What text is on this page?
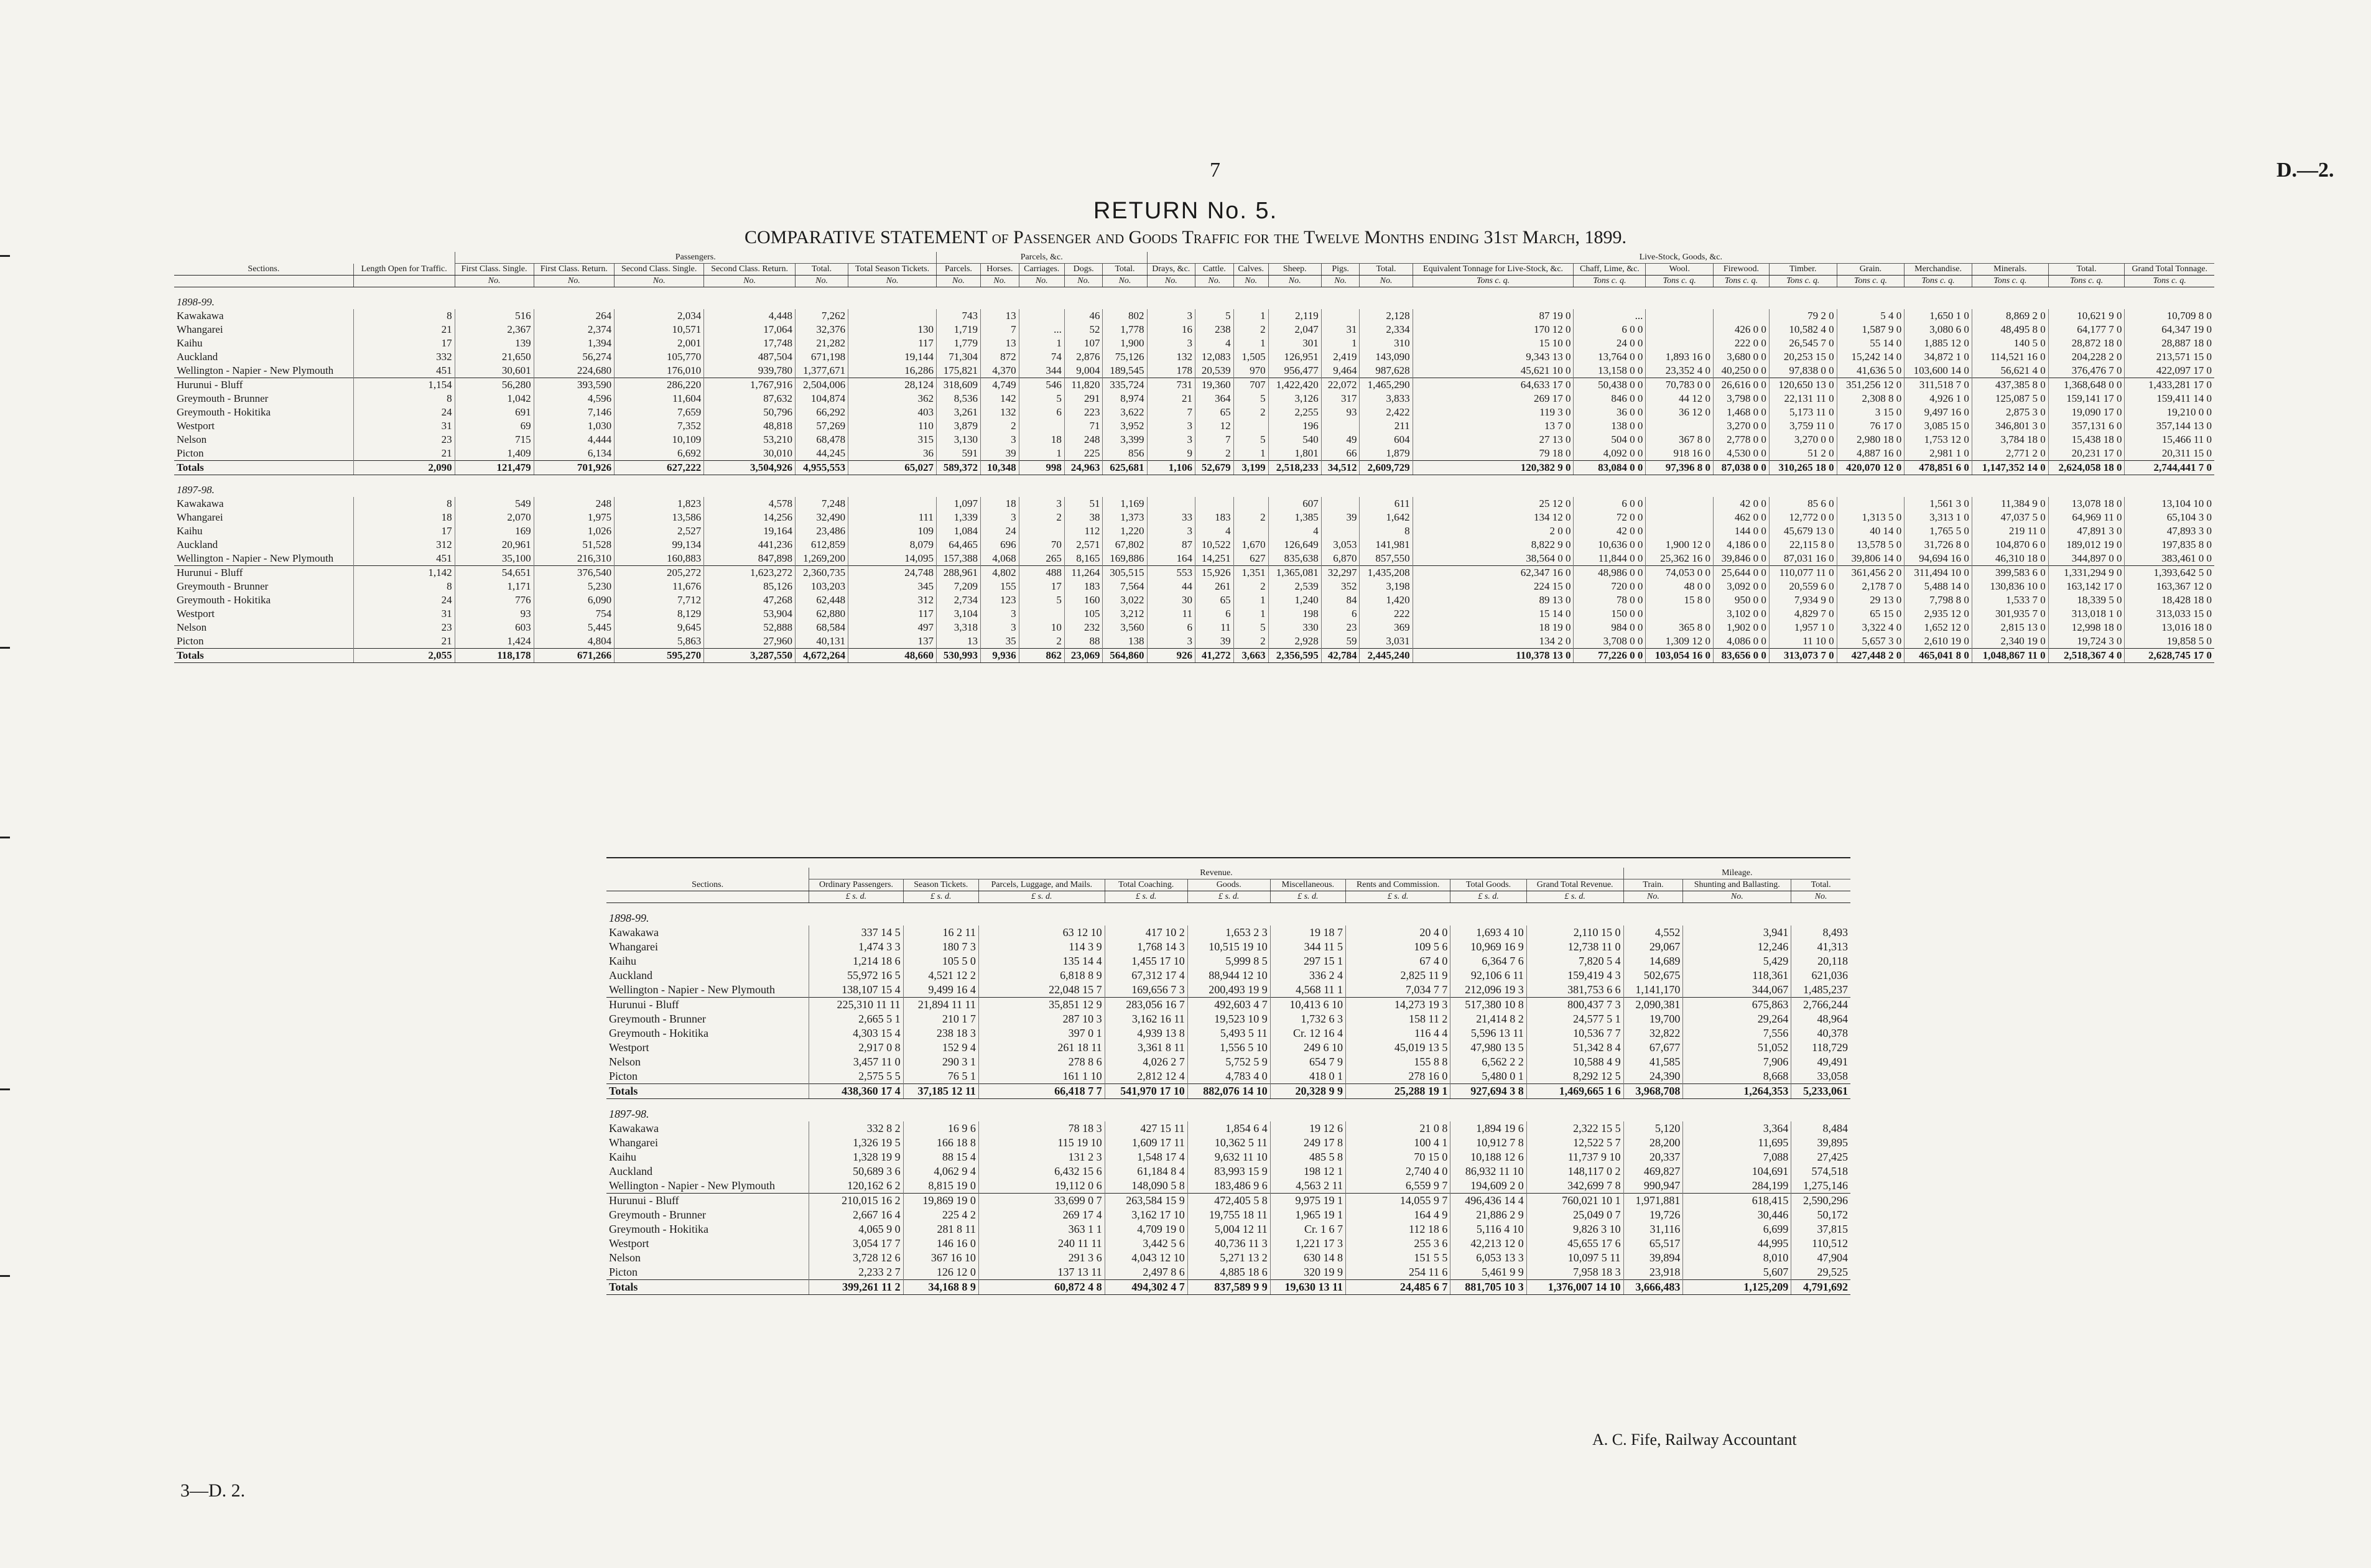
7	D.—2.
RETURN No. 5.
COMPARATIVE STATEMENT of Passenger and Goods Traffic for the Twelve Months ending 31st March, 1899.
		Passengers.						Parcels, &c.					Live-Stock, Goods, &c.															
Sections.	Length Open for Traffic.	First Class. Single.	First Class. Return.	Second Class. Single.	Second Class. Return.	Total.	Total Season Tickets.	Parcels.	Horses.	Carriages.	Dogs.	Total.	Drays, &c.	Cattle.	Calves.	Sheep.	Pigs.	Total.	Equivalent Tonnage for Live-Stock, &c.	Chaff, Lime, &c.	Wool.	Firewood.	Timber.	Grain.	Merchandise.	Minerals.	Total.	Grand Total Tonnage.
		No.	No.	No.	No.	No.	No.	No.	No.	No.	No.	No.	No.	No.	No.	No.	No.	No.	Tons c. q.	Tons c. q.	Tons c. q.	Tons c. q.	Tons c. q.	Tons c. q.	Tons c. q.	Tons c. q.	Tons c. q.	Tons c. q.
1898-99.																												
Kawakawa	8	516	264	2,034	4,448	7,262		743	13		46	802	3	5	1	2,119		2,128	87 19 0	...			79 2 0	5 4 0	1,650 1 0	8,869 2 0	10,621 9 0	10,709 8 0
Whangarei	21	2,367	2,374	10,571	17,064	32,376	130	1,719	7	...	52	1,778	16	238	2	2,047	31	2,334	170 12 0	6 0 0		426 0 0	10,582 4 0	1,587 9 0	3,080 6 0	48,495 8 0	64,177 7 0	64,347 19 0
Kaihu	17	139	1,394	2,001	17,748	21,282	117	1,779	13	1	107	1,900	3	4	1	301	1	310	15 10 0	24 0 0		222 0 0	26,545 7 0	55 14 0	1,885 12 0	140 5 0	28,872 18 0	28,887 18 0
Auckland	332	21,650	56,274	105,770	487,504	671,198	19,144	71,304	872	74	2,876	75,126	132	12,083	1,505	126,951	2,419	143,090	9,343 13 0	13,764 0 0	1,893 16 0	3,680 0 0	20,253 15 0	15,242 14 0	34,872 1 0	114,521 16 0	204,228 2 0	213,571 15 0
Wellington - Napier - New Plymouth	451	30,601	224,680	176,010	939,780	1,377,671	16,286	175,821	4,370	344	9,004	189,545	178	20,539	970	956,477	9,464	987,628	45,621 10 0	13,158 0 0	23,352 4 0	40,250 0 0	97,838 0 0	41,636 5 0	103,600 14 0	56,621 4 0	376,476 7 0	422,097 17 0
Hurunui - Bluff	1,154	56,280	393,590	286,220	1,767,916	2,504,006	28,124	318,609	4,749	546	11,820	335,724	731	19,360	707	1,422,420	22,072	1,465,290	64,633 17 0	50,438 0 0	70,783 0 0	26,616 0 0	120,650 13 0	351,256 12 0	311,518 7 0	437,385 8 0	1,368,648 0 0	1,433,281 17 0
Greymouth - Brunner	8	1,042	4,596	11,604	87,632	104,874	362	8,536	142	5	291	8,974	21	364	5	3,126	317	3,833	269 17 0	846 0 0	44 12 0	3,798 0 0	22,131 11 0	2,308 8 0	4,926 1 0	125,087 5 0	159,141 17 0	159,411 14 0
Greymouth - Hokitika	24	691	7,146	7,659	50,796	66,292	403	3,261	132	6	223	3,622	7	65	2	2,255	93	2,422	119 3 0	36 0 0	36 12 0	1,468 0 0	5,173 11 0	3 15 0	9,497 16 0	2,875 3 0	19,090 17 0	19,210 0 0
Westport	31	69	1,030	7,352	48,818	57,269	110	3,879	2		71	3,952	3	12		196		211	13 7 0	138 0 0		3,270 0 0	3,759 11 0	76 17 0	3,085 15 0	346,801 3 0	357,131 6 0	357,144 13 0
Nelson	23	715	4,444	10,109	53,210	68,478	315	3,130	3	18	248	3,399	3	7	5	540	49	604	27 13 0	504 0 0	367 8 0	2,778 0 0	3,270 0 0	2,980 18 0	1,753 12 0	3,784 18 0	15,438 18 0	15,466 11 0
Picton	21	1,409	6,134	6,692	30,010	44,245	36	591	39	1	225	856	9	2	1	1,801	66	1,879	79 18 0	4,092 0 0	918 16 0	4,530 0 0	51 2 0	4,887 16 0	2,981 1 0	2,771 2 0	20,231 17 0	20,311 15 0
Totals	2,090	121,479	701,926	627,222	3,504,926	4,955,553	65,027	589,372	10,348	998	24,963	625,681	1,106	52,679	3,199	2,518,233	34,512	2,609,729	120,382 9 0	83,084 0 0	97,396 8 0	87,038 0 0	310,265 18 0	420,070 12 0	478,851 6 0	1,147,352 14 0	2,624,058 18 0	2,744,441 7 0
1897-98.																												
Kawakawa	8	549	248	1,823	4,578	7,248		1,097	18	3	51	1,169				607		611	25 12 0	6 0 0		42 0 0	85 6 0		1,561 3 0	11,384 9 0	13,078 18 0	13,104 10 0
Whangarei	18	2,070	1,975	13,586	14,256	32,490	111	1,339	3	2	38	1,373	33	183	2	1,385	39	1,642	134 12 0	72 0 0		462 0 0	12,772 0 0	1,313 5 0	3,313 1 0	47,037 5 0	64,969 11 0	65,104 3 0
Kaihu	17	169	1,026	2,527	19,164	23,486	109	1,084	24		112	1,220	3	4		4		8	2 0 0	42 0 0		144 0 0	45,679 13 0	40 14 0	1,765 5 0	219 11 0	47,891 3 0	47,893 3 0
Auckland	312	20,961	51,528	99,134	441,236	612,859	8,079	64,465	696	70	2,571	67,802	87	10,522	1,670	126,649	3,053	141,981	8,822 9 0	10,636 0 0	1,900 12 0	4,186 0 0	22,115 8 0	13,578 5 0	31,726 8 0	104,870 6 0	189,012 19 0	197,835 8 0
Wellington - Napier - New Plymouth	451	35,100	216,310	160,883	847,898	1,269,200	14,095	157,388	4,068	265	8,165	169,886	164	14,251	627	835,638	6,870	857,550	38,564 0 0	11,844 0 0	25,362 16 0	39,846 0 0	87,031 16 0	39,806 14 0	94,694 16 0	46,310 18 0	344,897 0 0	383,461 0 0
Hurunui - Bluff	1,142	54,651	376,540	205,272	1,623,272	2,360,735	24,748	288,961	4,802	488	11,264	305,515	553	15,926	1,351	1,365,081	32,297	1,435,208	62,347 16 0	48,986 0 0	74,053 0 0	25,644 0 0	110,077 11 0	361,456 2 0	311,494 10 0	399,583 6 0	1,331,294 9 0	1,393,642 5 0
Greymouth - Brunner	8	1,171	5,230	11,676	85,126	103,203	345	7,209	155	17	183	7,564	44	261	2	2,539	352	3,198	224 15 0	720 0 0	48 0 0	3,092 0 0	20,559 6 0	2,178 7 0	5,488 14 0	130,836 10 0	163,142 17 0	163,367 12 0
Greymouth - Hokitika	24	776	6,090	7,712	47,268	62,448	312	2,734	123	5	160	3,022	30	65	1	1,240	84	1,420	89 13 0	78 0 0	15 8 0	950 0 0	7,934 9 0	29 13 0	7,798 8 0	1,533 7 0	18,339 5 0	18,428 18 0
Westport	31	93	754	8,129	53,904	62,880	117	3,104	3		105	3,212	11	6	1	198	6	222	15 14 0	150 0 0		3,102 0 0	4,829 7 0	65 15 0	2,935 12 0	301,935 7 0	313,018 1 0	313,033 15 0
Nelson	23	603	5,445	9,645	52,888	68,584	497	3,318	3	10	232	3,560	6	11	5	330	23	369	18 19 0	984 0 0	365 8 0	1,902 0 0	1,957 1 0	3,322 4 0	1,652 12 0	2,815 13 0	12,998 18 0	13,016 18 0
Picton	21	1,424	4,804	5,863	27,960	40,131	137	13	35	2	88	138	3	39	2	2,928	59	3,031	134 2 0	3,708 0 0	1,309 12 0	4,086 0 0	11 10 0	5,657 3 0	2,610 19 0	2,340 19 0	19,724 3 0	19,858 5 0
Totals	2,055	118,178	671,266	595,270	3,287,550	4,672,264	48,660	530,993	9,936	862	23,069	564,860	926	41,272	3,663	2,356,595	42,784	2,445,240	110,378 13 0	77,226 0 0	103,054 16 0	83,656 0 0	313,073 7 0	427,448 2 0	465,041 8 0	1,048,867 11 0	2,518,367 4 0	2,628,745 17 0
	Revenue.									Mileage.		
Sections.	Ordinary Passengers.	Season Tickets.	Parcels, Luggage, and Mails.	Total Coaching.	Goods.	Miscellaneous.	Rents and Commission.	Total Goods.	Grand Total Revenue.	Train.	Shunting and Ballasting.	Total.
	£ s. d.	£ s. d.	£ s. d.	£ s. d.	£ s. d.	£ s. d.	£ s. d.	£ s. d.	£ s. d.	No.	No.	No.
1898-99.												
Kawakawa	337 14 5	16 2 11	63 12 10	417 10 2	1,653 2 3	19 18 7	20 4 0	1,693 4 10	2,110 15 0	4,552	3,941	8,493
Whangarei	1,474 3 3	180 7 3	114 3 9	1,768 14 3	10,515 19 10	344 11 5	109 5 6	10,969 16 9	12,738 11 0	29,067	12,246	41,313
Kaihu	1,214 18 6	105 5 0	135 14 4	1,455 17 10	5,999 8 5	297 15 1	67 4 0	6,364 7 6	7,820 5 4	14,689	5,429	20,118
Auckland	55,972 16 5	4,521 12 2	6,818 8 9	67,312 17 4	88,944 12 10	336 2 4	2,825 11 9	92,106 6 11	159,419 4 3	502,675	118,361	621,036
Wellington - Napier - New Plymouth	138,107 15 4	9,499 16 4	22,048 15 7	169,656 7 3	200,493 19 9	4,568 11 1	7,034 7 7	212,096 19 3	381,753 6 6	1,141,170	344,067	1,485,237
Hurunui - Bluff	225,310 11 11	21,894 11 11	35,851 12 9	283,056 16 7	492,603 4 7	10,413 6 10	14,273 19 3	517,380 10 8	800,437 7 3	2,090,381	675,863	2,766,244
Greymouth - Brunner	2,665 5 1	210 1 7	287 10 3	3,162 16 11	19,523 10 9	1,732 6 3	158 11 2	21,414 8 2	24,577 5 1	19,700	29,264	48,964
Greymouth - Hokitika	4,303 15 4	238 18 3	397 0 1	4,939 13 8	5,493 5 11	Cr. 12 16 4	116 4 4	5,596 13 11	10,536 7 7	32,822	7,556	40,378
Westport	2,917 0 8	152 9 4	261 18 11	3,361 8 11	1,556 5 10	249 6 10	45,019 13 5	47,980 13 5	51,342 8 4	67,677	51,052	118,729
Nelson	3,457 11 0	290 3 1	278 8 6	4,026 2 7	5,752 5 9	654 7 9	155 8 8	6,562 2 2	10,588 4 9	41,585	7,906	49,491
Picton	2,575 5 5	76 5 1	161 1 10	2,812 12 4	4,783 4 0	418 0 1	278 16 0	5,480 0 1	8,292 12 5	24,390	8,668	33,058
Totals	438,360 17 4	37,185 12 11	66,418 7 7	541,970 17 10	882,076 14 10	20,328 9 9	25,288 19 1	927,694 3 8	1,469,665 1 6	3,968,708	1,264,353	5,233,061
1897-98.												
Kawakawa	332 8 2	16 9 6	78 18 3	427 15 11	1,854 6 4	19 12 6	21 0 8	1,894 19 6	2,322 15 5	5,120	3,364	8,484
Whangarei	1,326 19 5	166 18 8	115 19 10	1,609 17 11	10,362 5 11	249 17 8	100 4 1	10,912 7 8	12,522 5 7	28,200	11,695	39,895
Kaihu	1,328 19 9	88 15 4	131 2 3	1,548 17 4	9,632 11 10	485 5 8	70 15 0	10,188 12 6	11,737 9 10	20,337	7,088	27,425
Auckland	50,689 3 6	4,062 9 4	6,432 15 6	61,184 8 4	83,993 15 9	198 12 1	2,740 4 0	86,932 11 10	148,117 0 2	469,827	104,691	574,518
Wellington - Napier - New Plymouth	120,162 6 2	8,815 19 0	19,112 0 6	148,090 5 8	183,486 9 6	4,563 2 11	6,559 9 7	194,609 2 0	342,699 7 8	990,947	284,199	1,275,146
Hurunui - Bluff	210,015 16 2	19,869 19 0	33,699 0 7	263,584 15 9	472,405 5 8	9,975 19 1	14,055 9 7	496,436 14 4	760,021 10 1	1,971,881	618,415	2,590,296
Greymouth - Brunner	2,667 16 4	225 4 2	269 17 4	3,162 17 10	19,755 18 11	1,965 19 1	164 4 9	21,886 2 9	25,049 0 7	19,726	30,446	50,172
Greymouth - Hokitika	4,065 9 0	281 8 11	363 1 1	4,709 19 0	5,004 12 11	Cr. 1 6 7	112 18 6	5,116 4 10	9,826 3 10	31,116	6,699	37,815
Westport	3,054 17 7	146 16 0	240 11 11	3,442 5 6	40,736 11 3	1,221 17 3	255 3 6	42,213 12 0	45,655 17 6	65,517	44,995	110,512
Nelson	3,728 12 6	367 16 10	291 3 6	4,043 12 10	5,271 13 2	630 14 8	151 5 5	6,053 13 3	10,097 5 11	39,894	8,010	47,904
Picton	2,233 2 7	126 12 0	137 13 11	2,497 8 6	4,885 18 6	320 19 9	254 11 6	5,461 9 9	7,958 18 3	23,918	5,607	29,525
Totals	399,261 11 2	34,168 8 9	60,872 4 8	494,302 4 7	837,589 9 9	19,630 13 11	24,485 6 7	881,705 10 3	1,376,007 14 10	3,666,483	1,125,209	4,791,692
A. C. Fife, Railway Accountant
3—D. 2.
